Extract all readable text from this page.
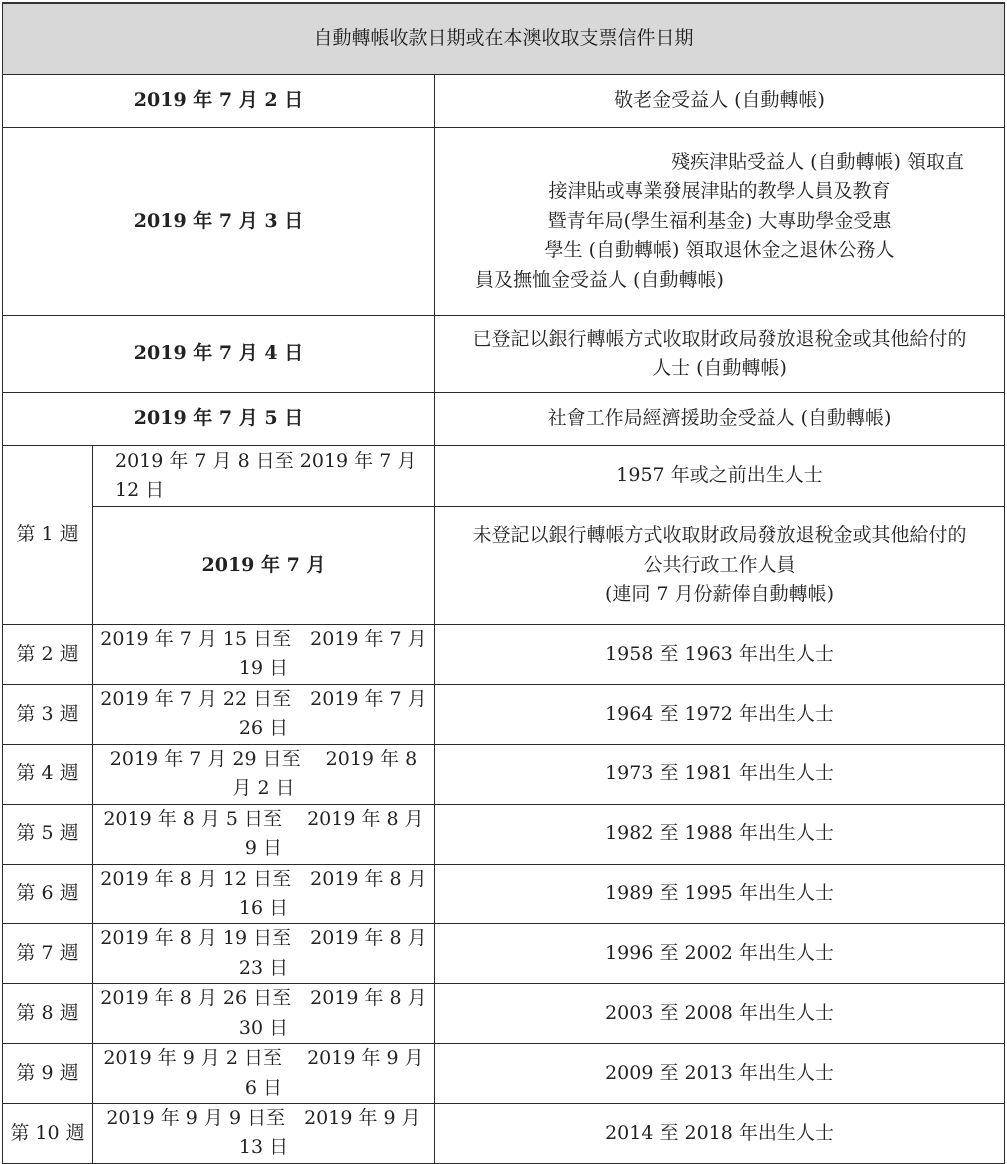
自動轉帳收款日期或在本澳收取支票信件日期		
2019 年 7 月 2 日		敬老金受益人 (自動轉帳)
2019 年 7 月 3 日		殘疾津貼受益人 (自動轉帳) 領取直
接津貼或專業發展津貼的教學人員及教育
暨青年局(學生福利基金) 大專助學金受惠
學生 (自動轉帳) 領取退休金之退休公務人
員及撫恤金受益人 (自動轉帳)

2019 年 7 月 4 日		已登記以銀行轉帳方式收取財政局發放退稅金或其他給付的
人士 (自動轉帳)

2019 年 7 月 5 日		社會工作局經濟援助金受益人 (自動轉帳)
第 1 週	2019 年 7 月 8 日至 2019 年 7 月
12 日	1957 年或之前出生人士
	2019 年 7 月	未登記以銀行轉帳方式收取財政局發放退稅金或其他給付的
公共行政工作人員
(連同 7 月份薪俸自動轉帳)

第 2 週	2019 年 7 月 15 日至　2019 年 7 月 19 日	1958 至 1963 年出生人士
第 3 週	2019 年 7 月 22 日至　2019 年 7 月 26 日	1964 至 1972 年出生人士
第 4 週	2019 年 7 月 29 日至　 2019 年 8 月 2 日	1973 至 1981 年出生人士
第 5 週	2019 年 8 月 5 日至　 2019 年 8 月 9 日	1982 至 1988 年出生人士
第 6 週	2019 年 8 月 12 日至　2019 年 8 月 16 日	1989 至 1995 年出生人士
第 7 週	2019 年 8 月 19 日至　2019 年 8 月 23 日	1996 至 2002 年出生人士
第 8 週	2019 年 8 月 26 日至　2019 年 8 月 30 日	2003 至 2008 年出生人士
第 9 週	2019 年 9 月 2 日至　 2019 年 9 月 6 日	2009 至 2013 年出生人士
第 10 週	2019 年 9 月 9 日至　2019 年 9 月 13 日	2014 至 2018 年出生人士
